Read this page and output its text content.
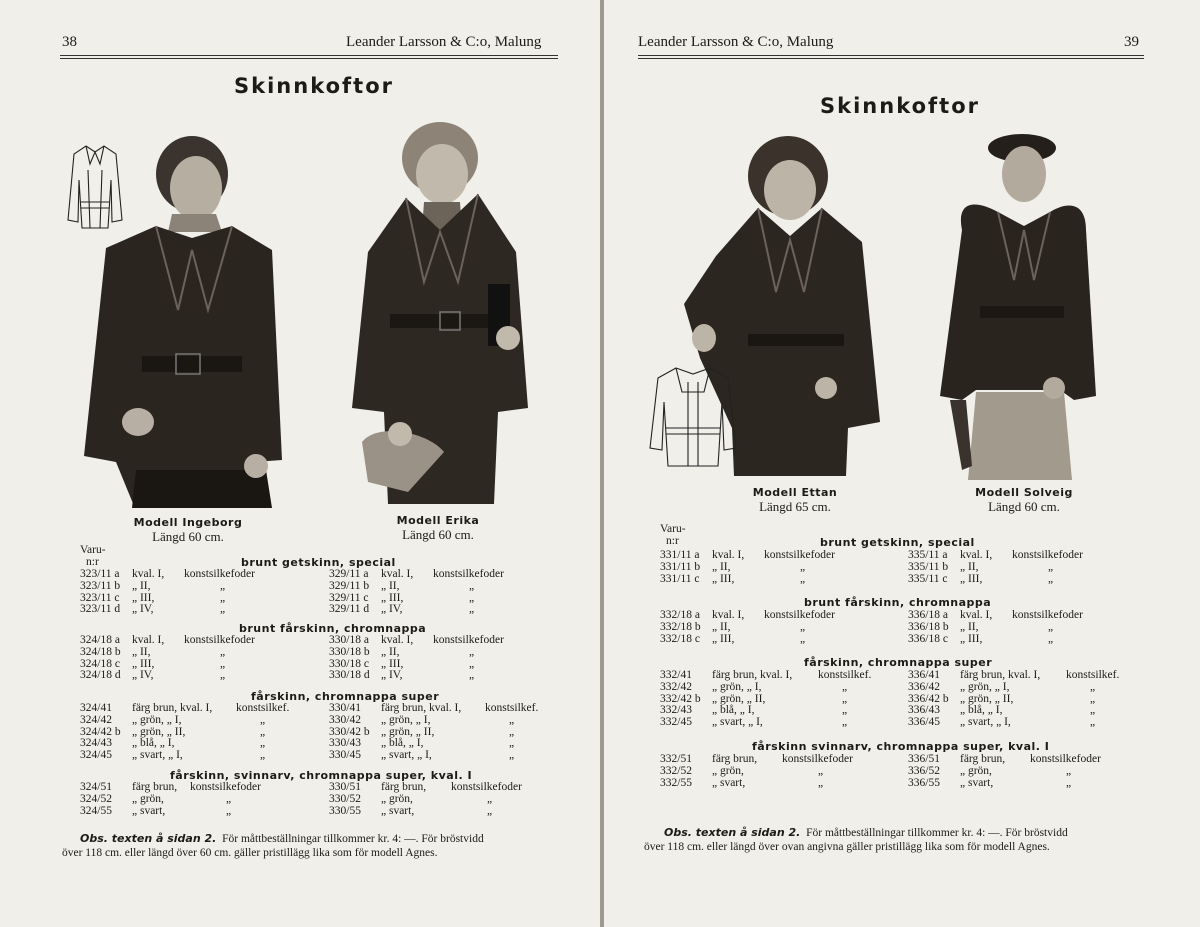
38	Leander Larsson & C:o, Malung
Skinnkoftor
Modell Ingeborg
Längd 60 cm.
Modell Erika
Längd 60 cm.
Varu-
n:r	brunt getskinn, special
323/11 a kval. I, konstsilkefoder
323/11 b „ II,	„
323/11 c „ III,	„
323/11 d „ IV,	„
329/11 a kval. I, konstsilkefoder
329/11 b „ II,	„
329/11 c „ III,	„
329/11 d „ IV,	„
brunt fårskinn, chromnappa
324/18 a kval. I, konstsilkefoder
324/18 b „ II,	„
324/18 c „ III,	„
324/18 d „ IV,	„
330/18 a kval. I, konstsilkefoder
330/18 b „ II,	„
330/18 c „ III,	„
330/18 d „ IV,	„
fårskinn, chromnappa super
324/41 färg brun, kval. I, konstsilkef.
324/42 „ grön, „ I,	„
324/42 b „ grön, „ II,	„
324/43 „ blå, „ I,	„
324/45 „ svart, „ I,	„
330/41 färg brun, kval. I, konstsilkef.
330/42 „ grön, „ I,	„
330/42 b „ grön, „ II,	„
330/43 „ blå, „ I,	„
330/45 „ svart, „ I,	„
fårskinn, svinnarv, chromnappa super, kval. I
324/51 färg brun, konstsilkefoder
324/52 „ grön,	„
324/55 „ svart,	„
330/51 färg brun, konstsilkefoder
330/52 „ grön,	„
330/55 „ svart,	„
Obs. texten å sidan 2. För måttbeställningar tillkommer kr. 4: —. För bröstvidd
över 118 cm. eller längd över 60 cm. gäller pristillägg lika som för modell Agnes.
Leander Larsson & C:o, Malung	39
Skinnkoftor
Modell Ettan
Längd 65 cm.
Modell Solveig
Längd 60 cm.
Varu-
n:r	brunt getskinn, special
331/11 a kval. I, konstsilkefoder
331/11 b „ II,	„
331/11 c „ III,	„
335/11 a kval. I, konstsilkefoder
335/11 b „ II,	„
335/11 c „ III,	„
brunt fårskinn, chromnappa
332/18 a kval. I, konstsilkefoder
332/18 b „ II,	„
332/18 c „ III,	„
336/18 a kval. I, konstsilkefoder
336/18 b „ II,	„
336/18 c „ III,	„
fårskinn, chromnappa super
332/41 färg brun, kval. I, konstsilkef.
332/42 „ grön, „ I,	„
332/42 b „ grön, „ II,	„
332/43 „ blå, „ I,	„
332/45 „ svart, „ I,	„
336/41 färg brun, kval. I, konstsilkef.
336/42 „ grön, „ I,	„
336/42 b „ grön, „ II,	„
336/43 „ blå, „ I,	„
336/45 „ svart, „ I,	„
fårskinn svinnarv, chromnappa super, kval. I
332/51 färg brun, konstsilkefoder
332/52 „ grön,	„
332/55 „ svart,	„
336/51 färg brun, konstsilkefoder
336/52 „ grön,	„
336/55 „ svart,	„
Obs. texten å sidan 2. För måttbeställningar tillkommer kr. 4: —. För bröstvidd
över 118 cm. eller längd över ovan angivna gäller pristillägg lika som för modell Agnes.
